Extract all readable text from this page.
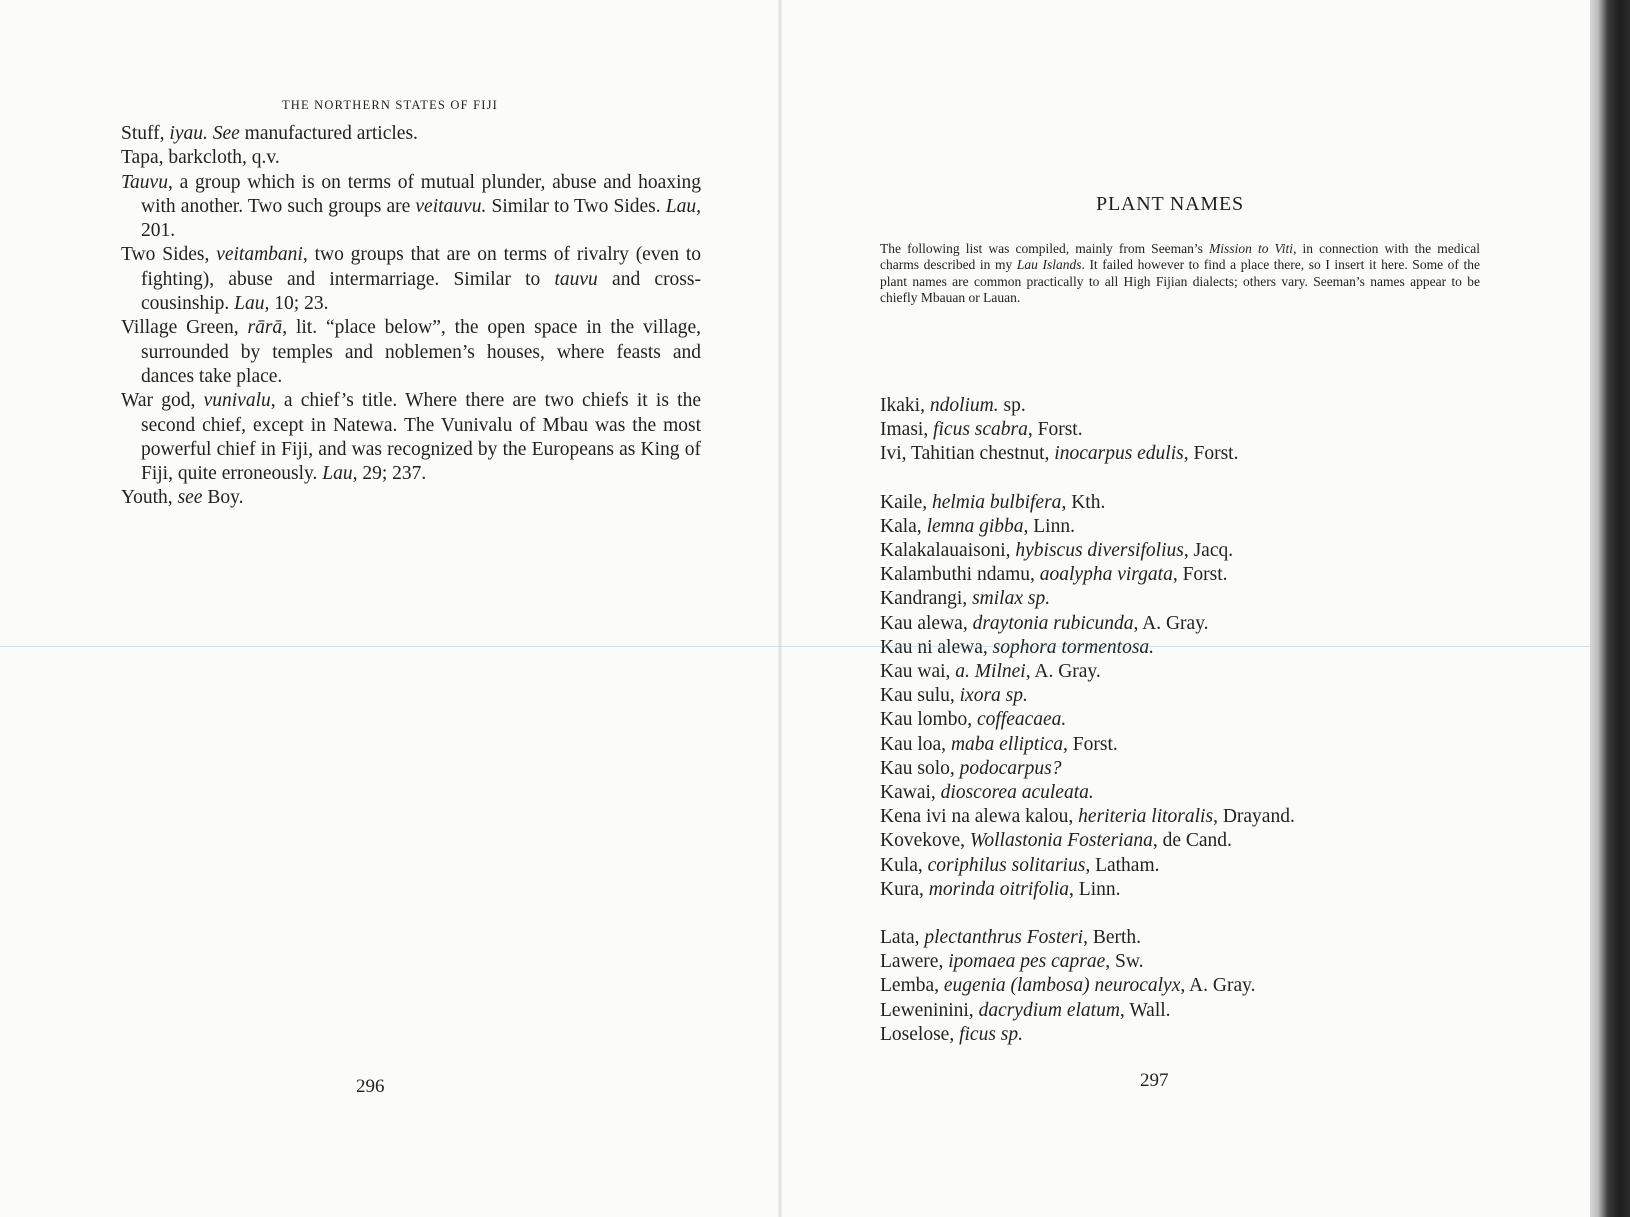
THE NORTHERN STATES OF FIJI
Stuff, iyau. See manufactured articles.
Tapa, barkcloth, q.v.
Tauvu, a group which is on terms of mutual plunder, abuse and hoaxing with another. Two such groups are veitauvu. Similar to Two Sides. Lau, 201.
Two Sides, veitambani, two groups that are on terms of rivalry (even to fighting), abuse and intermarriage. Similar to tauvu and cross-cousinship. Lau, 10; 23.
Village Green, rārā, lit. “place below”, the open space in the village, surrounded by temples and noblemen’s houses, where feasts and dances take place.
War god, vunivalu, a chief’s title. Where there are two chiefs it is the second chief, except in Natewa. The Vunivalu of Mbau was the most powerful chief in Fiji, and was recognized by the Europeans as King of Fiji, quite erroneously. Lau, 29; 237.
Youth, see Boy.
296
PLANT NAMES
The following list was compiled, mainly from Seeman’s Mission to Viti, in connection with the medical charms described in my Lau Islands. It failed however to find a place there, so I insert it here. Some of the plant names are common practically to all High Fijian dialects; others vary. Seeman’s names appear to be chiefly Mbauan or Lauan.
Ikaki, ndolium. sp.
Imasi, ficus scabra, Forst.
Ivi, Tahitian chestnut, inocarpus edulis, Forst.
Kaile, helmia bulbifera, Kth.
Kala, lemna gibba, Linn.
Kalakalauaisoni, hybiscus diversifolius, Jacq.
Kalambuthi ndamu, aoalypha virgata, Forst.
Kandrangi, smilax sp.
Kau alewa, draytonia rubicunda, A. Gray.
Kau ni alewa, sophora tormentosa.
Kau wai, a. Milnei, A. Gray.
Kau sulu, ixora sp.
Kau lombo, coffeacaea.
Kau loa, maba elliptica, Forst.
Kau solo, podocarpus?
Kawai, dioscorea aculeata.
Kena ivi na alewa kalou, heriteria litoralis, Drayand.
Kovekove, Wollastonia Fosteriana, de Cand.
Kula, coriphilus solitarius, Latham.
Kura, morinda oitrifolia, Linn.
Lata, plectanthrus Fosteri, Berth.
Lawere, ipomaea pes caprae, Sw.
Lemba, eugenia (lambosa) neurocalyx, A. Gray.
Leweninini, dacrydium elatum, Wall.
Loselose, ficus sp.
297
